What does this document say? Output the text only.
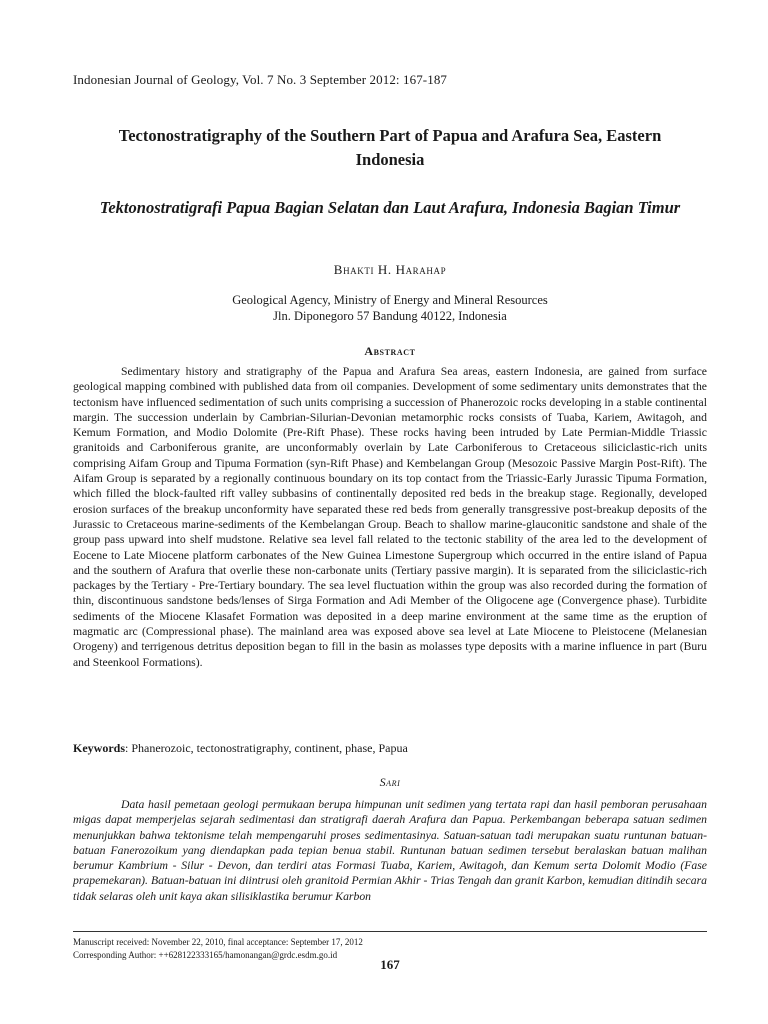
Indonesian Journal of Geology, Vol. 7 No. 3 September 2012: 167-187
Tectonostratigraphy of the Southern Part of Papua and Arafura Sea, Eastern Indonesia
Tektonostratigrafi Papua Bagian Selatan dan Laut Arafura, Indonesia Bagian Timur
Bhakti H. Harahap
Geological Agency, Ministry of Energy and Mineral Resources
Jln. Diponegoro 57 Bandung 40122, Indonesia
Abstract

Sedimentary history and stratigraphy of the Papua and Arafura Sea areas, eastern Indonesia, are gained from surface geological mapping combined with published data from oil companies. Development of some sedimentary units demonstrates that the tectonism have influenced sedimentation of such units comprising a succession of Phanerozoic rocks developing in a stable continental margin. The succession underlain by Cambrian-Silurian-Devonian metamorphic rocks consists of Tuaba, Kariem, Awitagoh, and Kemum Formation, and Modio Dolomite (Pre-Rift Phase). These rocks having been intruded by Late Permian-Middle Triassic granitoids and Carboniferous granite, are unconformably overlain by Late Carboniferous to Cretaceous siliciclastic-rich units comprising Aifam Group and Tipuma Formation (syn-Rift Phase) and Kembelangan Group (Mesozoic Passive Margin Post-Rift). The Aifam Group is separated by a regionally continuous boundary on its top contact from the Triassic-Early Jurassic Tipuma Formation, which filled the block-faulted rift valley subbasins of continentally deposited red beds in the breakup stage. Regionally, developed erosion surfaces of the breakup unconformity have separated these red beds from generally transgressive post-breakup deposits of the Jurassic to Cretaceous marine-sediments of the Kembelangan Group. Beach to shallow marine-glauconitic sandstone and shale of the group pass upward into shelf mudstone. Relative sea level fall related to the tectonic stability of the area led to the development of Eocene to Late Miocene platform carbonates of the New Guinea Limestone Supergroup which occurred in the entire island of Papua and the southern of Arafura that overlie these non-carbonate units (Tertiary passive margin). It is separated from the siliciclastic-rich packages by the Tertiary - Pre-Tertiary boundary. The sea level fluctuation within the group was also recorded during the formation of thin, discontinuous sandstone beds/lenses of Sirga Formation and Adi Member of the Oligocene age (Convergence phase). Turbidite sediments of the Miocene Klasafet Formation was deposited in a deep marine environment at the same time as the eruption of magmatic arc (Compressional phase). The mainland area was exposed above sea level at Late Miocene to Pleistocene (Melanesian Orogeny) and terrigenous detritus deposition began to fill in the basin as molasses type deposits with a marine influence in part (Buru and Steenkool Formations).

Keywords: Phanerozoic, tectonostratigraphy, continent, phase, Papua

Sari

Data hasil pemetaan geologi permukaan berupa himpunan unit sedimen yang tertata rapi dan hasil pemboran perusahaan migas dapat memperjelas sejarah sedimentasi dan stratigrafi daerah Arafura dan Papua. Perkembangan beberapa satuan sedimen menunjukkan bahwa tektonisme telah mempengaruhi proses sedimentasinya. Satuan-satuan tadi merupakan suatu runtunan batuan-batuan Fanerozoikum yang diendapkan pada tepian benua stabil. Runtunan batuan sedimen tersebut beralaskan batuan malihan berumur Kambrium - Silur - Devon, dan terdiri atas Formasi Tuaba, Kariem, Awitagoh, dan Kemum serta Dolomit Modio (Fase prapemekaran). Batuan-batuan ini diintrusi oleh granitoid Permian Akhir - Trias Tengah dan granit Karbon, kemudian ditindih secara tidak selaras oleh unit kaya akan silisiklastika berumur Karbon

Manuscript received: November 22, 2010, final acceptance: September 17, 2012
Corresponding Author: ++628122333165/hamonangan@grdc.esdm.go.id
167
